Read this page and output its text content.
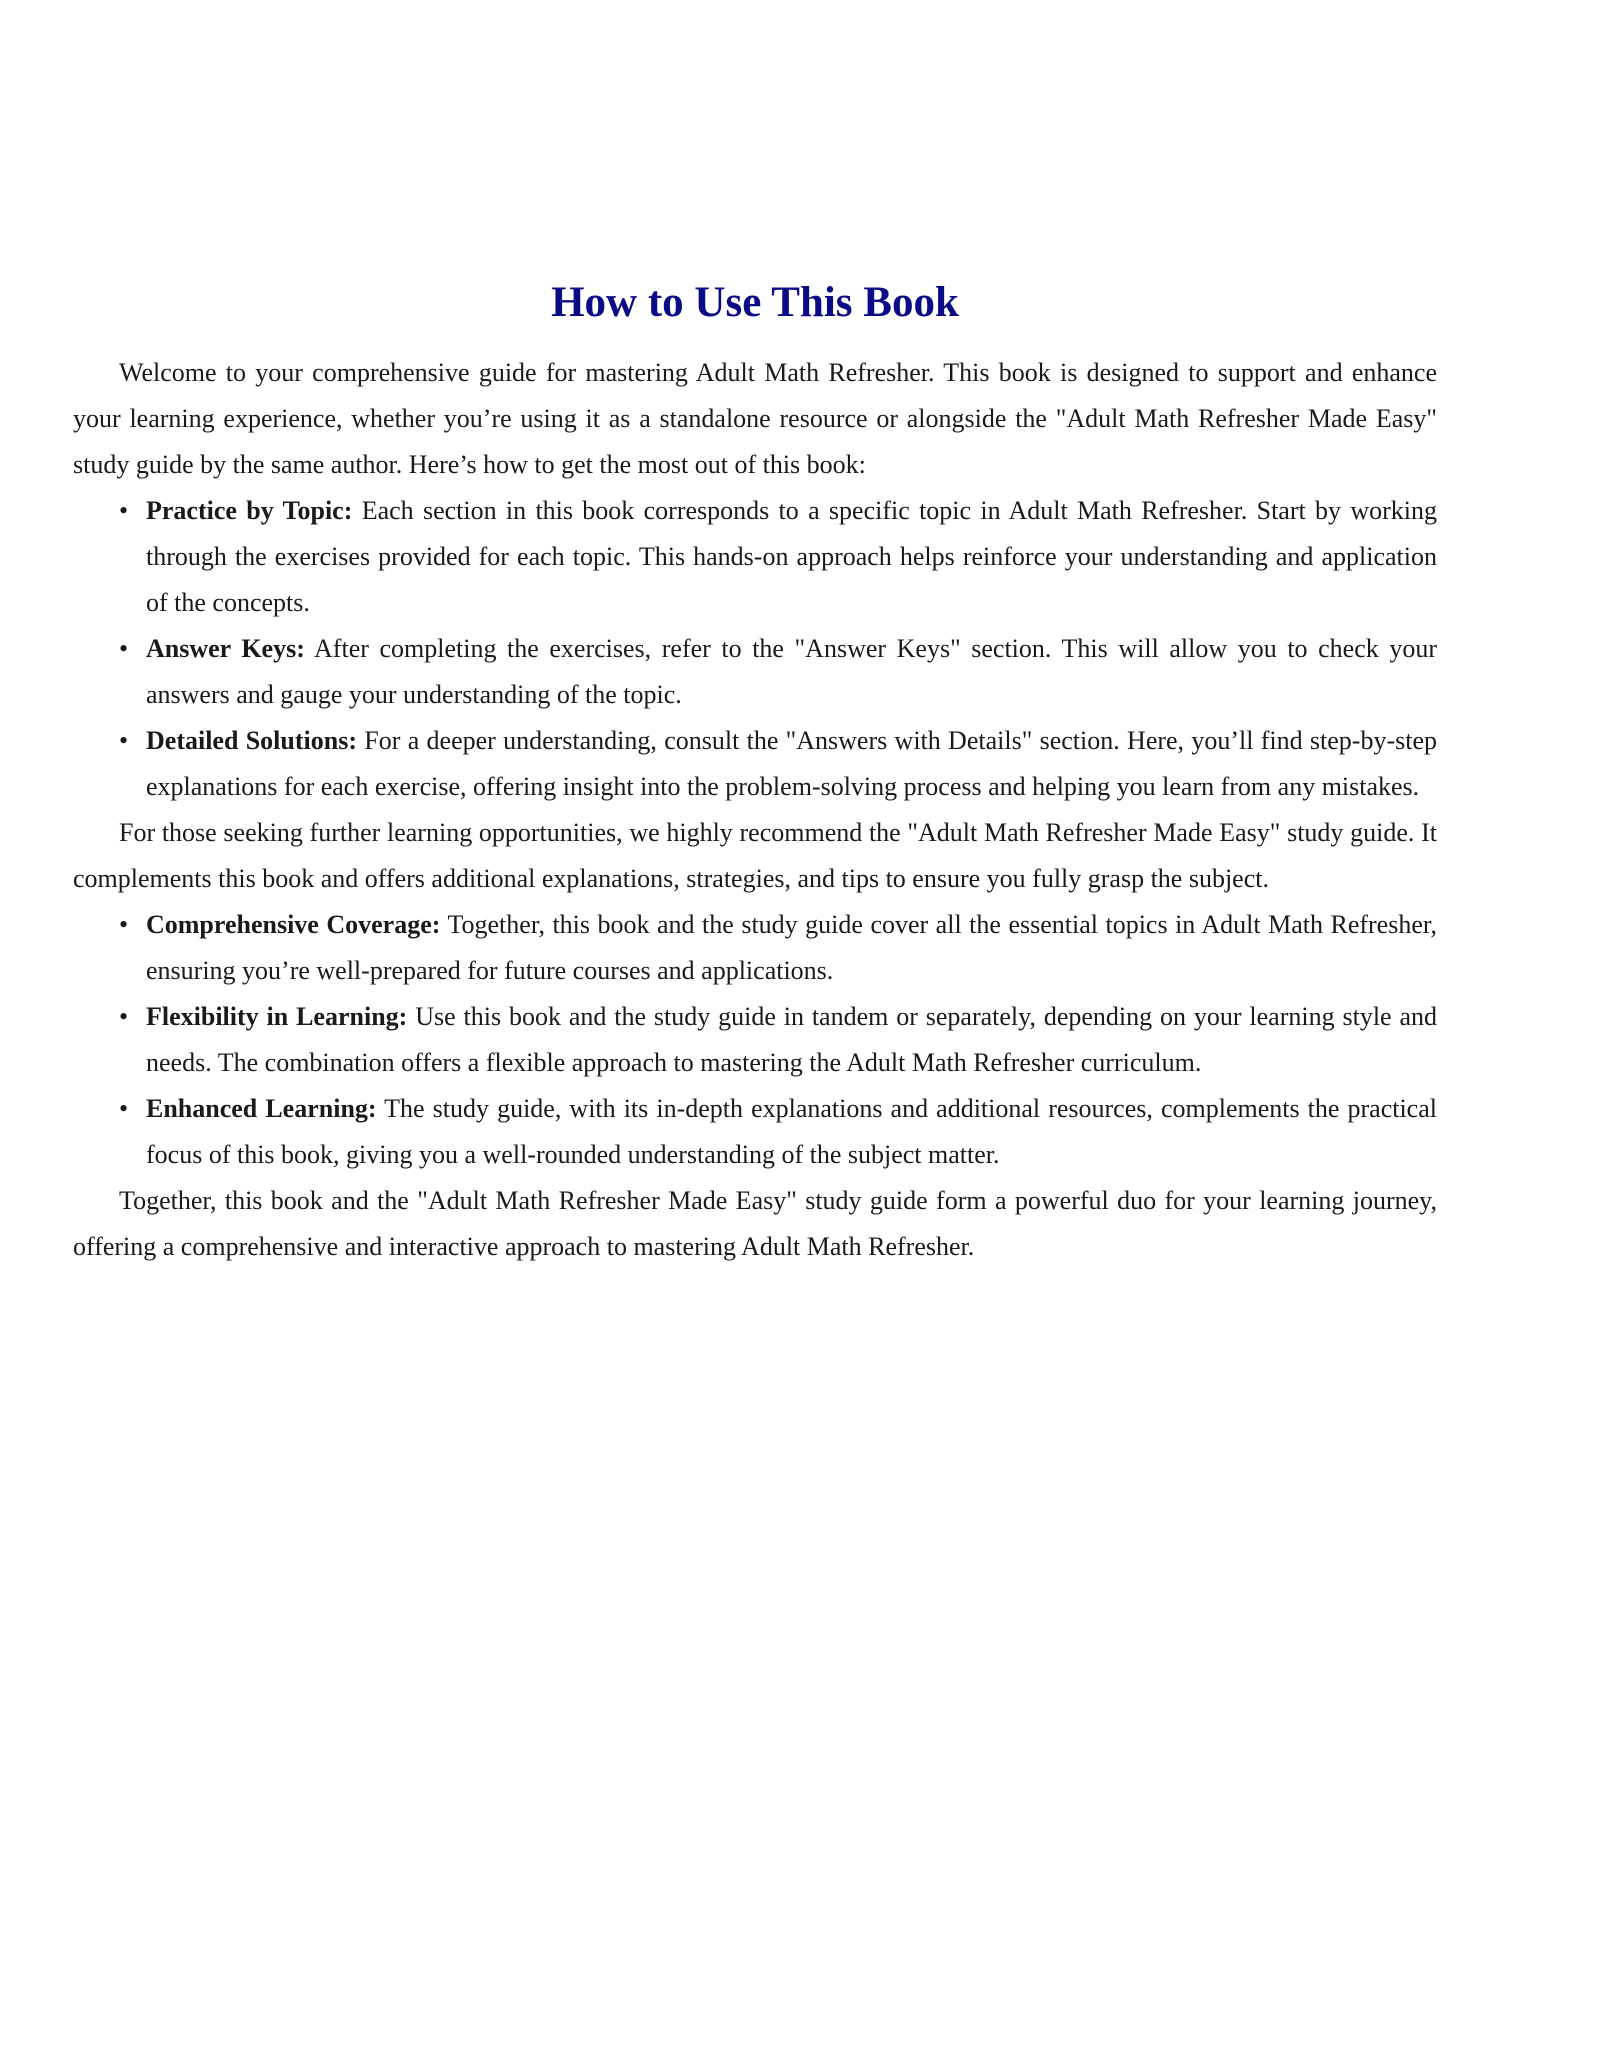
How to Use This Book

Welcome to your comprehensive guide for mastering Adult Math Refresher. This book is designed to support and enhance your learning experience, whether you’re using it as a standalone resource or alongside the "Adult Math Refresher Made Easy" study guide by the same author. Here’s how to get the most out of this book:

• Practice by Topic: Each section in this book corresponds to a specific topic in Adult Math Refresher. Start by working through the exercises provided for each topic. This hands-on approach helps reinforce your understanding and application of the concepts.
• Answer Keys: After completing the exercises, refer to the "Answer Keys" section. This will allow you to check your answers and gauge your understanding of the topic.
• Detailed Solutions: For a deeper understanding, consult the "Answers with Details" section. Here, you’ll find step-by-step explanations for each exercise, offering insight into the problem-solving process and helping you learn from any mistakes.

For those seeking further learning opportunities, we highly recommend the "Adult Math Refresher Made Easy" study guide. It complements this book and offers additional explanations, strategies, and tips to ensure you fully grasp the subject.

• Comprehensive Coverage: Together, this book and the study guide cover all the essential topics in Adult Math Refresher, ensuring you’re well-prepared for future courses and applications.
• Flexibility in Learning: Use this book and the study guide in tandem or separately, depending on your learning style and needs. The combination offers a flexible approach to mastering the Adult Math Refresher curriculum.
• Enhanced Learning: The study guide, with its in-depth explanations and additional resources, complements the practical focus of this book, giving you a well-rounded understanding of the subject matter.

Together, this book and the "Adult Math Refresher Made Easy" study guide form a powerful duo for your learning journey, offering a comprehensive and interactive approach to mastering Adult Math Refresher.
